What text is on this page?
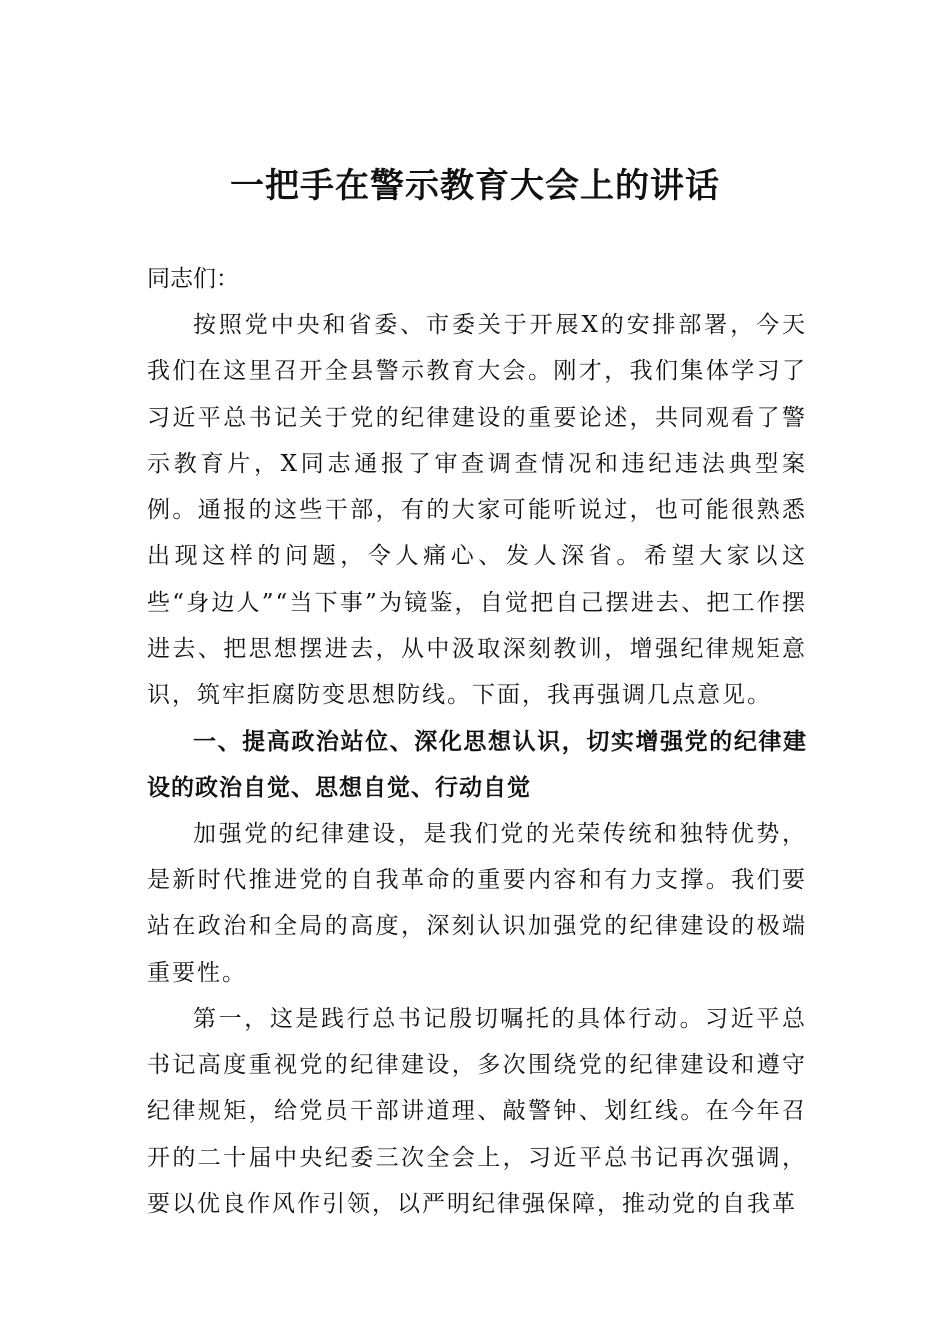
一把手在警示教育大会上的讲话

同志们：

按照党中央和省委、市委关于开展X的安排部署，今天我们在这里召开全县警示教育大会。刚才，我们集体学习了习近平总书记关于党的纪律建设的重要论述，共同观看了警示教育片，X同志通报了审查调查情况和违纪违法典型案例。通报的这些干部，有的大家可能听说过，也可能很熟悉出现这样的问题，令人痛心、发人深省。希望大家以这些“身边人”“当下事”为镜鉴，自觉把自己摆进去、把工作摆进去、把思想摆进去，从中汲取深刻教训，增强纪律规矩意识，筑牢拒腐防变思想防线。下面，我再强调几点意见。

一、提高政治站位、深化思想认识，切实增强党的纪律建设的政治自觉、思想自觉、行动自觉

加强党的纪律建设，是我们党的光荣传统和独特优势，是新时代推进党的自我革命的重要内容和有力支撑。我们要站在政治和全局的高度，深刻认识加强党的纪律建设的极端重要性。

第一，这是践行总书记殷切嘱托的具体行动。习近平总书记高度重视党的纪律建设，多次围绕党的纪律建设和遵守纪律规矩，给党员干部讲道理、敲警钟、划红线。在今年召开的二十届中央纪委三次全会上，习近平总书记再次强调，要以优良作风作引领，以严明纪律强保障，推动党的自我革
